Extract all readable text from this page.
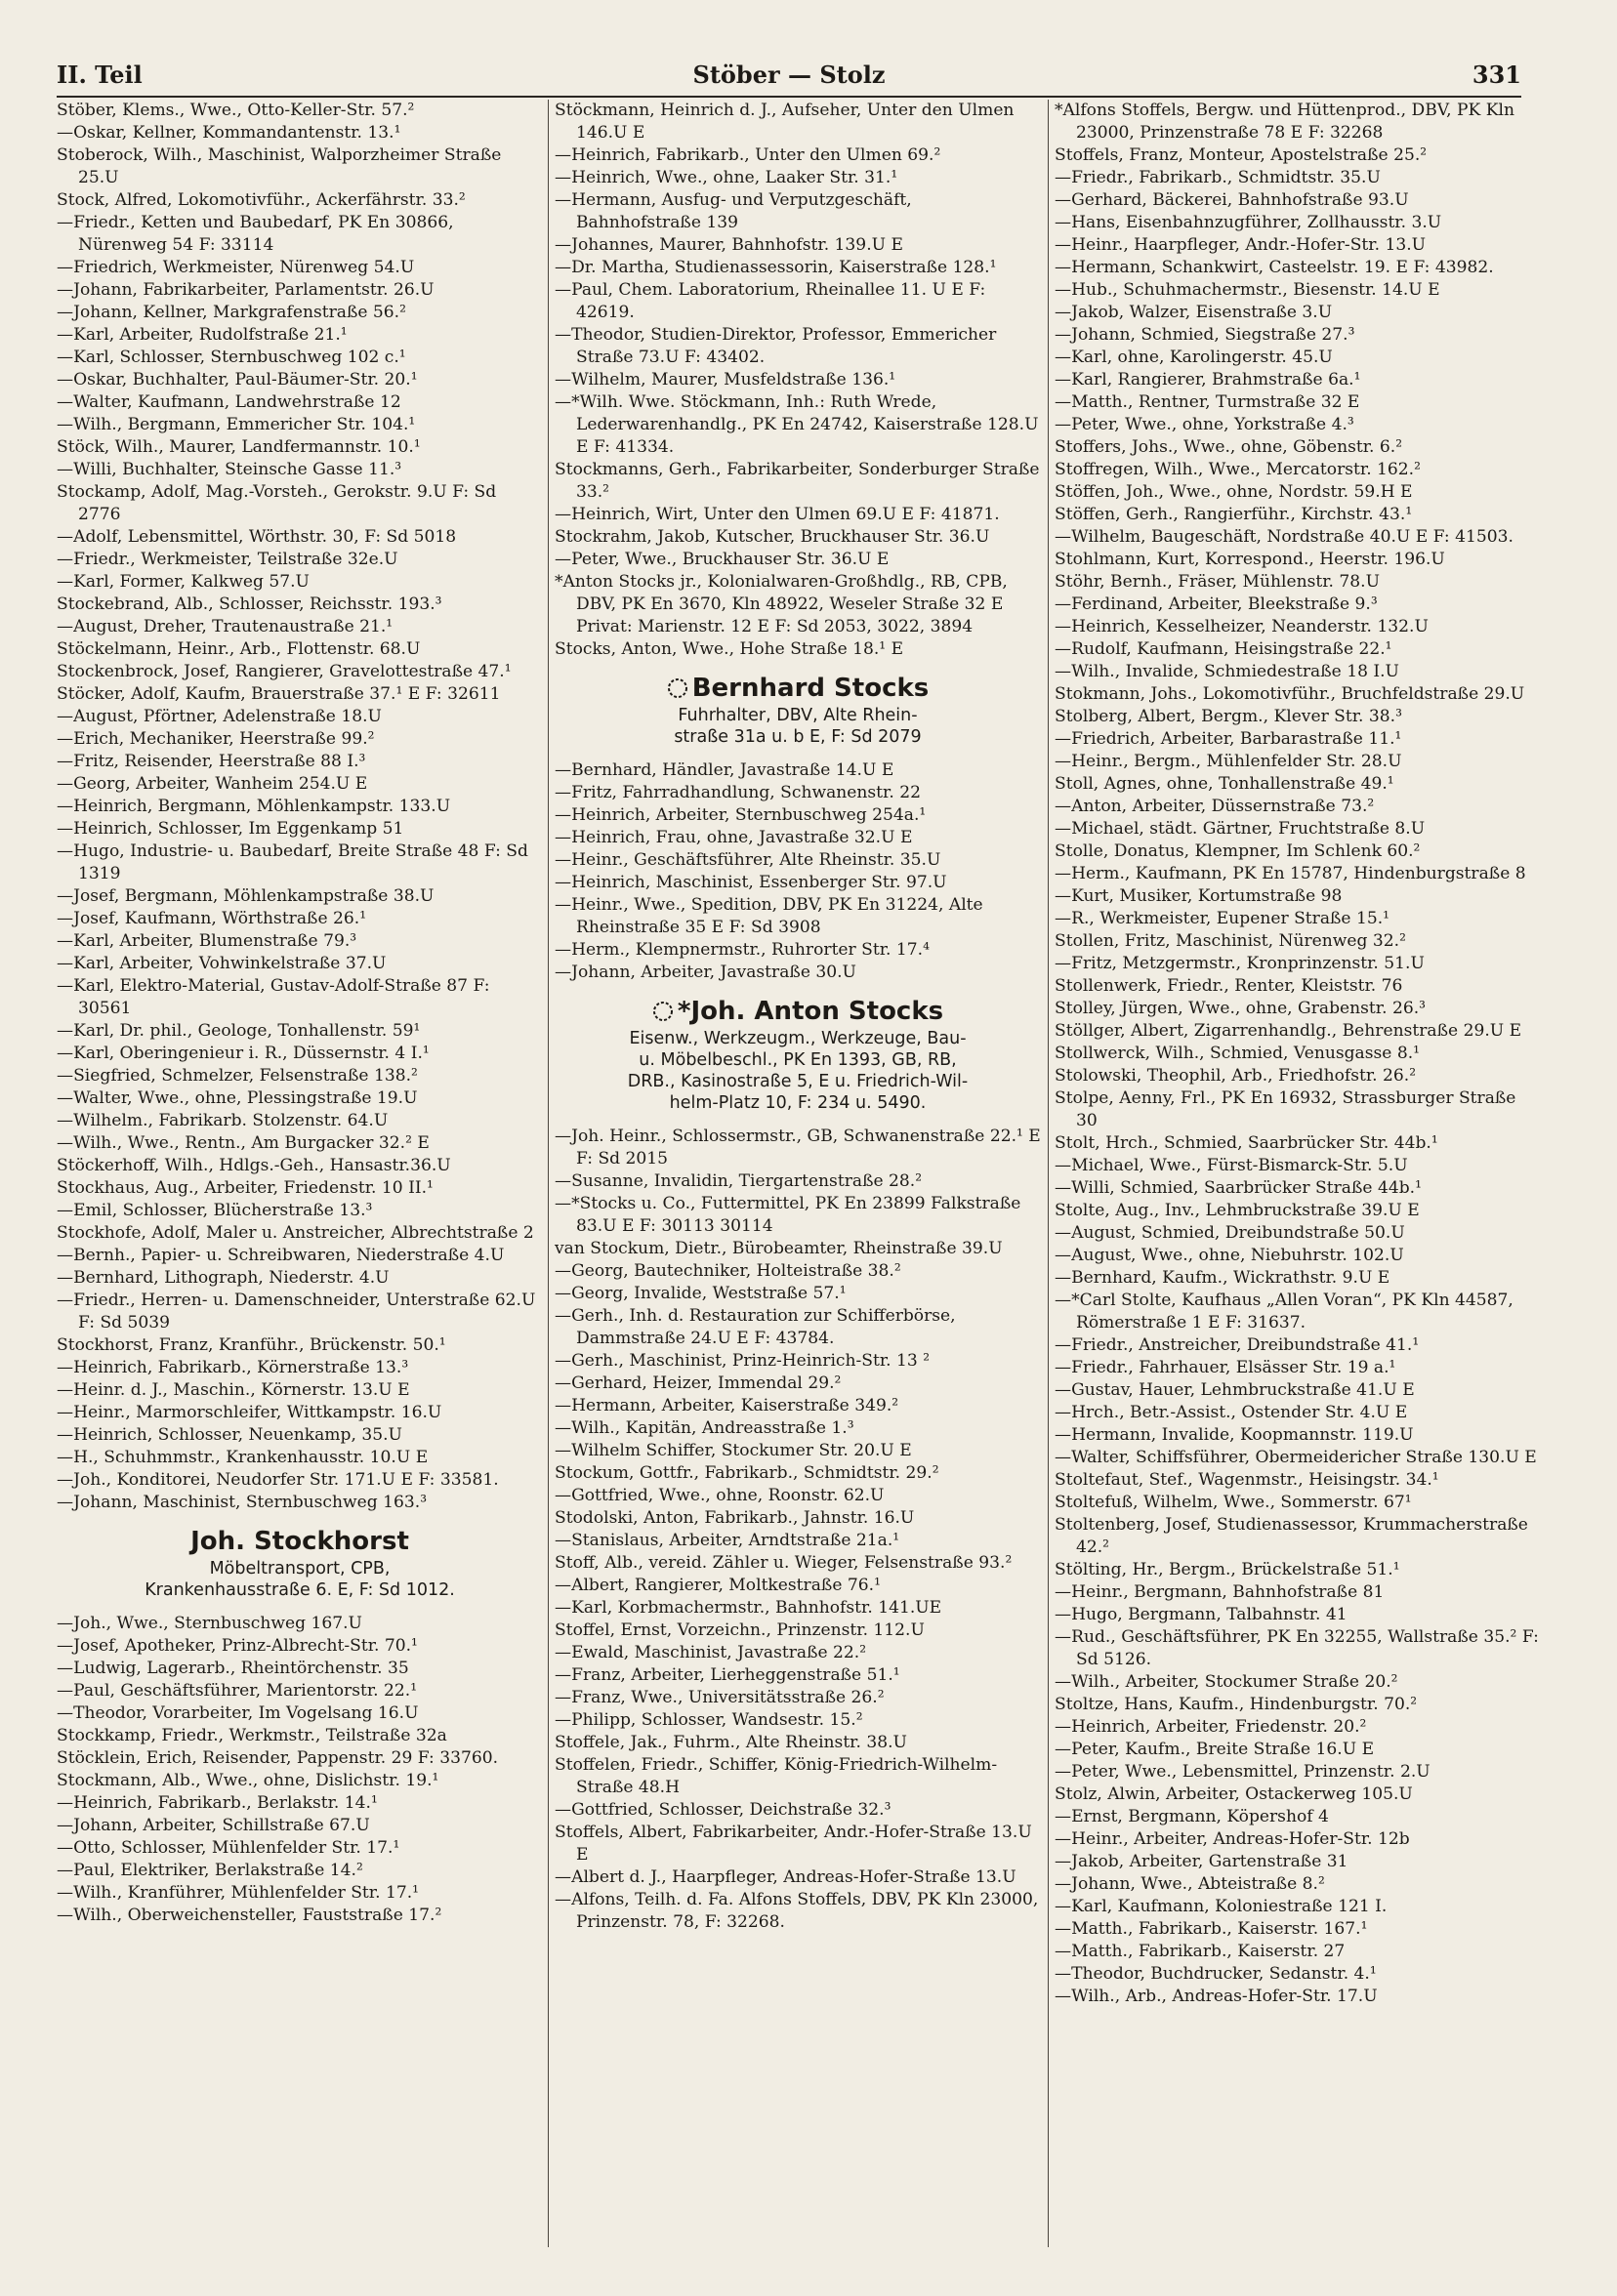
II. Teil	Stöber — Stolz	331

Stöber, Klems., Wwe., Otto-Keller-Str. 57.²

—Oskar, Kellner, Kommandantenstr. 13.¹

Stoberock, Wilh., Maschinist, Walporzheimer Straße 25.U

Stock, Alfred, Lokomotivführ., Ackerfährstr. 33.²

—Friedr., Ketten und Baubedarf, PK En 30866, Nürenweg 54 F: 33114

—Friedrich, Werkmeister, Nürenweg 54.U

—Johann, Fabrikarbeiter, Parlamentstr. 26.U

—Johann, Kellner, Markgrafenstraße 56.²

—Karl, Arbeiter, Rudolfstraße 21.¹

—Karl, Schlosser, Sternbuschweg 102 c.¹

—Oskar, Buchhalter, Paul-Bäumer-Str. 20.¹

—Walter, Kaufmann, Landwehrstraße 12

—Wilh., Bergmann, Emmericher Str. 104.¹

Stöck, Wilh., Maurer, Landfermannstr. 10.¹

—Willi, Buchhalter, Steinsche Gasse 11.³

Stockamp, Adolf, Mag.-Vorsteh., Gerokstr. 9.U F: Sd 2776

—Adolf, Lebensmittel, Wörthstr. 30, F: Sd 5018

—Friedr., Werkmeister, Teilstraße 32e.U

—Karl, Former, Kalkweg 57.U

Stockebrand, Alb., Schlosser, Reichsstr. 193.³

—August, Dreher, Trautenaustraße 21.¹

Stöckelmann, Heinr., Arb., Flottenstr. 68.U

Stockenbrock, Josef, Rangierer, Gravelottestraße 47.¹

Stöcker, Adolf, Kaufm, Brauerstraße 37.¹ E F: 32611

—August, Pförtner, Adelenstraße 18.U

—Erich, Mechaniker, Heerstraße 99.²

—Fritz, Reisender, Heerstraße 88 I.³

—Georg, Arbeiter, Wanheim 254.U E

—Heinrich, Bergmann, Möhlenkampstr. 133.U

—Heinrich, Schlosser, Im Eggenkamp 51

—Hugo, Industrie- u. Baubedarf, Breite Straße 48 F: Sd 1319

—Josef, Bergmann, Möhlenkampstraße 38.U

—Josef, Kaufmann, Wörthstraße 26.¹

—Karl, Arbeiter, Blumenstraße 79.³

—Karl, Arbeiter, Vohwinkelstraße 37.U

—Karl, Elektro-Material, Gustav-Adolf-Straße 87 F: 30561

—Karl, Dr. phil., Geologe, Tonhallenstr. 59¹

—Karl, Oberingenieur i. R., Düssernstr. 4 I.¹

—Siegfried, Schmelzer, Felsenstraße 138.²

—Walter, Wwe., ohne, Plessingstraße 19.U

—Wilhelm., Fabrikarb. Stolzenstr. 64.U

—Wilh., Wwe., Rentn., Am Burgacker 32.² E

Stöckerhoff, Wilh., Hdlgs.-Geh., Hansastr.36.U

Stockhaus, Aug., Arbeiter, Friedenstr. 10 II.¹

—Emil, Schlosser, Blücherstraße 13.³

Stockhofe, Adolf, Maler u. Anstreicher, Albrechtstraße 2

—Bernh., Papier- u. Schreibwaren, Niederstraße 4.U

—Bernhard, Lithograph, Niederstr. 4.U

—Friedr., Herren- u. Damenschneider, Unterstraße 62.U F: Sd 5039

Stockhorst, Franz, Kranführ., Brückenstr. 50.¹

—Heinrich, Fabrikarb., Körnerstraße 13.³

—Heinr. d. J., Maschin., Körnerstr. 13.U E

—Heinr., Marmorschleifer, Wittkampstr. 16.U

—Heinrich, Schlosser, Neuenkamp, 35.U

—H., Schuhmmstr., Krankenhausstr. 10.U E

—Joh., Konditorei, Neudorfer Str. 171.U E F: 33581.

—Johann, Maschinist, Sternbuschweg 163.³

Joh. Stockhorst
Möbeltransport, CPB,
Krankenhausstraße 6. E, F: Sd 1012.

—Joh., Wwe., Sternbuschweg 167.U

—Josef, Apotheker, Prinz-Albrecht-Str. 70.¹

—Ludwig, Lagerarb., Rheintörchenstr. 35

—Paul, Geschäftsführer, Marientorstr. 22.¹

—Theodor, Vorarbeiter, Im Vogelsang 16.U

Stockkamp, Friedr., Werkmstr., Teilstraße 32a

Stöcklein, Erich, Reisender, Pappenstr. 29 F: 33760.

Stockmann, Alb., Wwe., ohne, Dislichstr. 19.¹

—Heinrich, Fabrikarb., Berlakstr. 14.¹

—Johann, Arbeiter, Schillstraße 67.U

—Otto, Schlosser, Mühlenfelder Str. 17.¹

—Paul, Elektriker, Berlakstraße 14.²

—Wilh., Kranführer, Mühlenfelder Str. 17.¹

—Wilh., Oberweichensteller, Fauststraße 17.²

Stöckmann, Heinrich d. J., Aufseher, Unter den Ulmen 146.U E

—Heinrich, Fabrikarb., Unter den Ulmen 69.²

—Heinrich, Wwe., ohne, Laaker Str. 31.¹

—Hermann, Ausfug- und Verputzgeschäft, Bahnhofstraße 139

—Johannes, Maurer, Bahnhofstr. 139.U E

—Dr. Martha, Studienassessorin, Kaiserstraße 128.¹

—Paul, Chem. Laboratorium, Rheinallee 11. U E F: 42619.

—Theodor, Studien-Direktor, Professor, Emmericher Straße 73.U F: 43402.

—Wilhelm, Maurer, Musfeldstraße 136.¹

—*Wilh. Wwe. Stöckmann, Inh.: Ruth Wrede, Lederwarenhandlg., PK En 24742, Kaiserstraße 128.U E F: 41334.

Stockmanns, Gerh., Fabrikarbeiter, Sonderburger Straße 33.²

—Heinrich, Wirt, Unter den Ulmen 69.U E F: 41871.

Stockrahm, Jakob, Kutscher, Bruckhauser Str. 36.U

—Peter, Wwe., Bruckhauser Str. 36.U E

*Anton Stocks jr., Kolonialwaren-Großhdlg., RB, CPB, DBV, PK En 3670, Kln 48922, Weseler Straße 32 E Privat: Marienstr. 12 E F: Sd 2053, 3022, 3894

Stocks, Anton, Wwe., Hohe Straße 18.¹ E

Bernhard Stocks
Fuhrhalter, DBV, Alte Rhein-
straße 31a u. b E, F: Sd 2079

—Bernhard, Händler, Javastraße 14.U E

—Fritz, Fahrradhandlung, Schwanenstr. 22

—Heinrich, Arbeiter, Sternbuschweg 254a.¹

—Heinrich, Frau, ohne, Javastraße 32.U E

—Heinr., Geschäftsführer, Alte Rheinstr. 35.U

—Heinrich, Maschinist, Essenberger Str. 97.U

—Heinr., Wwe., Spedition, DBV, PK En 31224, Alte Rheinstraße 35 E F: Sd 3908

—Herm., Klempnermstr., Ruhrorter Str. 17.⁴

—Johann, Arbeiter, Javastraße 30.U

*Joh. Anton Stocks
Eisenw., Werkzeugm., Werkzeuge, Bau-
u. Möbelbeschl., PK En 1393, GB, RB,
DRB., Kasinostraße 5, E u. Friedrich-Wil-
helm-Platz 10, F: 234 u. 5490.

—Joh. Heinr., Schlossermstr., GB, Schwanenstraße 22.¹ E F: Sd 2015

—Susanne, Invalidin, Tiergartenstraße 28.²

—*Stocks u. Co., Futtermittel, PK En 23899 Falkstraße 83.U E F: 30113 30114

van Stockum, Dietr., Bürobeamter, Rheinstraße 39.U

—Georg, Bautechniker, Holteistraße 38.²

—Georg, Invalide, Weststraße 57.¹

—Gerh., Inh. d. Restauration zur Schifferbörse, Dammstraße 24.U E F: 43784.

—Gerh., Maschinist, Prinz-Heinrich-Str. 13 ²

—Gerhard, Heizer, Immendal 29.²

—Hermann, Arbeiter, Kaiserstraße 349.²

—Wilh., Kapitän, Andreasstraße 1.³

—Wilhelm Schiffer, Stockumer Str. 20.U E

Stockum, Gottfr., Fabrikarb., Schmidtstr. 29.²

—Gottfried, Wwe., ohne, Roonstr. 62.U

Stodolski, Anton, Fabrikarb., Jahnstr. 16.U

—Stanislaus, Arbeiter, Arndtstraße 21a.¹

Stoff, Alb., vereid. Zähler u. Wieger, Felsenstraße 93.²

—Albert, Rangierer, Moltkestraße 76.¹

—Karl, Korbmachermstr., Bahnhofstr. 141.UE

Stoffel, Ernst, Vorzeichn., Prinzenstr. 112.U

—Ewald, Maschinist, Javastraße 22.²

—Franz, Arbeiter, Lierheggenstraße 51.¹

—Franz, Wwe., Universitätsstraße 26.²

—Philipp, Schlosser, Wandsestr. 15.²

Stoffele, Jak., Fuhrm., Alte Rheinstr. 38.U

Stoffelen, Friedr., Schiffer, König-Friedrich-Wilhelm-Straße 48.H

—Gottfried, Schlosser, Deichstraße 32.³

Stoffels, Albert, Fabrikarbeiter, Andr.-Hofer-Straße 13.U E

—Albert d. J., Haarpfleger, Andreas-Hofer-Straße 13.U

—Alfons, Teilh. d. Fa. Alfons Stoffels, DBV, PK Kln 23000, Prinzenstr. 78, F: 32268.

*Alfons Stoffels, Bergw. und Hüttenprod., DBV, PK Kln 23000, Prinzenstraße 78 E F: 32268

Stoffels, Franz, Monteur, Apostelstraße 25.²

—Friedr., Fabrikarb., Schmidtstr. 35.U

—Gerhard, Bäckerei, Bahnhofstraße 93.U

—Hans, Eisenbahnzugführer, Zollhausstr. 3.U

—Heinr., Haarpfleger, Andr.-Hofer-Str. 13.U

—Hermann, Schankwirt, Casteelstr. 19. E F: 43982.

—Hub., Schuhmachermstr., Biesenstr. 14.U E

—Jakob, Walzer, Eisenstraße 3.U

—Johann, Schmied, Siegstraße 27.³

—Karl, ohne, Karolingerstr. 45.U

—Karl, Rangierer, Brahmstraße 6a.¹

—Matth., Rentner, Turmstraße 32 E

—Peter, Wwe., ohne, Yorkstraße 4.³

Stoffers, Johs., Wwe., ohne, Göbenstr. 6.²

Stoffregen, Wilh., Wwe., Mercatorstr. 162.²

Stöffen, Joh., Wwe., ohne, Nordstr. 59.H E

Stöffen, Gerh., Rangierführ., Kirchstr. 43.¹

—Wilhelm, Baugeschäft, Nordstraße 40.U E F: 41503.

Stohlmann, Kurt, Korrespond., Heerstr. 196.U

Stöhr, Bernh., Fräser, Mühlenstr. 78.U

—Ferdinand, Arbeiter, Bleekstraße 9.³

—Heinrich, Kesselheizer, Neanderstr. 132.U

—Rudolf, Kaufmann, Heisingstraße 22.¹

—Wilh., Invalide, Schmiedestraße 18 I.U

Stokmann, Johs., Lokomotivführ., Bruchfeldstraße 29.U

Stolberg, Albert, Bergm., Klever Str. 38.³

—Friedrich, Arbeiter, Barbarastraße 11.¹

—Heinr., Bergm., Mühlenfelder Str. 28.U

Stoll, Agnes, ohne, Tonhallenstraße 49.¹

—Anton, Arbeiter, Düssernstraße 73.²

—Michael, städt. Gärtner, Fruchtstraße 8.U

Stolle, Donatus, Klempner, Im Schlenk 60.²

—Herm., Kaufmann, PK En 15787, Hindenburgstraße 8

—Kurt, Musiker, Kortumstraße 98

—R., Werkmeister, Eupener Straße 15.¹

Stollen, Fritz, Maschinist, Nürenweg 32.²

—Fritz, Metzgermstr., Kronprinzenstr. 51.U

Stollenwerk, Friedr., Renter, Kleiststr. 76

Stolley, Jürgen, Wwe., ohne, Grabenstr. 26.³

Stöllger, Albert, Zigarrenhandlg., Behrenstraße 29.U E

Stollwerck, Wilh., Schmied, Venusgasse 8.¹

Stolowski, Theophil, Arb., Friedhofstr. 26.²

Stolpe, Aenny, Frl., PK En 16932, Strassburger Straße 30

Stolt, Hrch., Schmied, Saarbrücker Str. 44b.¹

—Michael, Wwe., Fürst-Bismarck-Str. 5.U

—Willi, Schmied, Saarbrücker Straße 44b.¹

Stolte, Aug., Inv., Lehmbruckstraße 39.U E

—August, Schmied, Dreibundstraße 50.U

—August, Wwe., ohne, Niebuhrstr. 102.U

—Bernhard, Kaufm., Wickrathstr. 9.U E

—*Carl Stolte, Kaufhaus „Allen Voran“, PK Kln 44587, Römerstraße 1 E F: 31637.

—Friedr., Anstreicher, Dreibundstraße 41.¹

—Friedr., Fahrhauer, Elsässer Str. 19 a.¹

—Gustav, Hauer, Lehmbruckstraße 41.U E

—Hrch., Betr.-Assist., Ostender Str. 4.U E

—Hermann, Invalide, Koopmannstr. 119.U

—Walter, Schiffsführer, Obermeidericher Straße 130.U E

Stoltefaut, Stef., Wagenmstr., Heisingstr. 34.¹

Stoltefuß, Wilhelm, Wwe., Sommerstr. 67¹

Stoltenberg, Josef, Studienassessor, Krummacherstraße 42.²

Stölting, Hr., Bergm., Brückelstraße 51.¹

—Heinr., Bergmann, Bahnhofstraße 81

—Hugo, Bergmann, Talbahnstr. 41

—Rud., Geschäftsführer, PK En 32255, Wallstraße 35.² F: Sd 5126.

—Wilh., Arbeiter, Stockumer Straße 20.²

Stoltze, Hans, Kaufm., Hindenburgstr. 70.²

—Heinrich, Arbeiter, Friedenstr. 20.²

—Peter, Kaufm., Breite Straße 16.U E

—Peter, Wwe., Lebensmittel, Prinzenstr. 2.U

Stolz, Alwin, Arbeiter, Ostackerweg 105.U

—Ernst, Bergmann, Köpershof 4

—Heinr., Arbeiter, Andreas-Hofer-Str. 12b

—Jakob, Arbeiter, Gartenstraße 31

—Johann, Wwe., Abteistraße 8.²

—Karl, Kaufmann, Koloniestraße 121 I.

—Matth., Fabrikarb., Kaiserstr. 167.¹

—Matth., Fabrikarb., Kaiserstr. 27

—Theodor, Buchdrucker, Sedanstr. 4.¹

—Wilh., Arb., Andreas-Hofer-Str. 17.U
